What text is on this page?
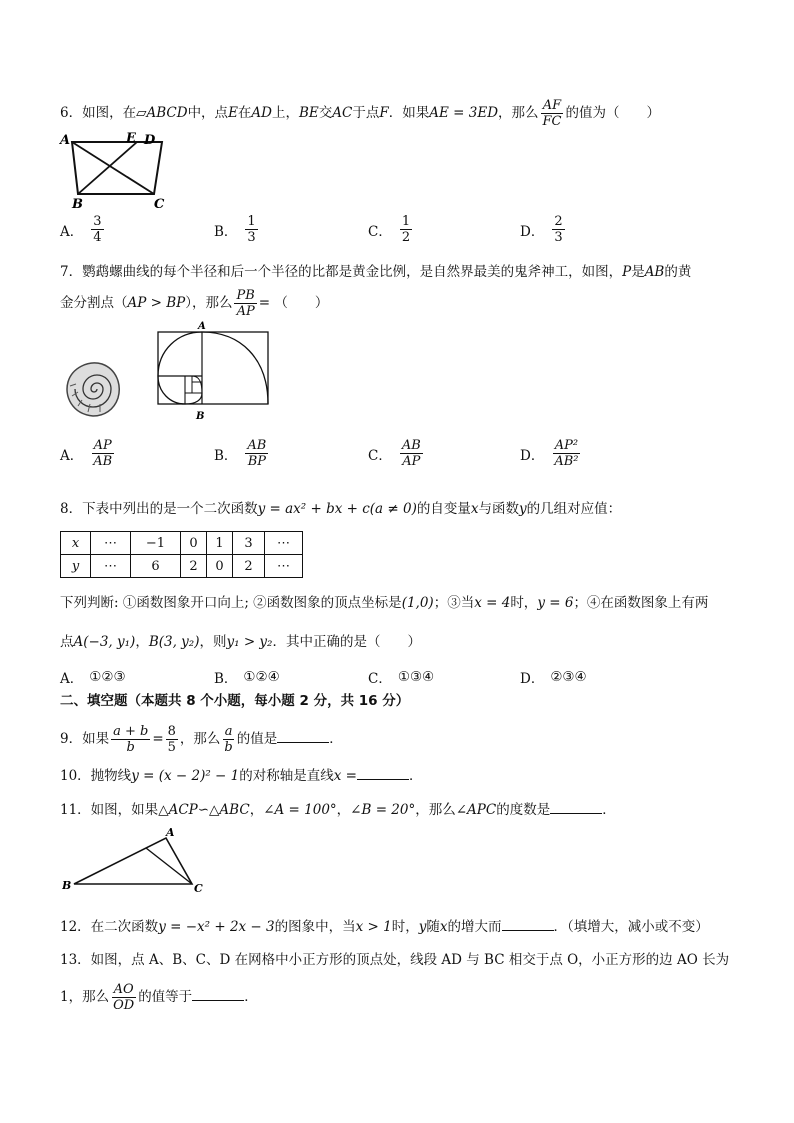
6．如图，在▱ABCD中，点E在AD上，BE交AC于点F．如果AE = 3ED，那么 $\frac{AF}{FC}$ 的值为（　　）
A	E D
B	C
A． $\frac{3}{4}$	B． $\frac{1}{3}$	C． $\frac{1}{2}$	D． $\frac{2}{3}$
7．鹦鹉螺曲线的每个半径和后一个半径的比都是黄金比例，是自然界最美的鬼斧神工，如图，P是AB的黄
金分割点（AP > BP），那么 $\frac{PB}{AP}$ = （　　）
A
B
A． $\frac{AP}{AB}$	B． $\frac{AB}{BP}$	C． $\frac{AB}{AP}$	D． $\frac{\text{AP²}}{\text{AB²}}$
8．下表中列出的是一个二次函数y = ax² + bx + c(a ≠ 0)的自变量x与函数y的几组对应值：
x	⋯	−1	0	1	3	⋯
y	⋯	6	2	0	2	⋯
下列判断: ①函数图象开口向上; ②函数图象的顶点坐标是(1,0)；③当x = 4时，y = 6；④在函数图象上有两
点A(−3, y₁)，B(3, y₂)，则y₁ > y₂．其中正确的是（　　）
A． ①②③	B． ①②④	C． ①③④	D． ②③④
二、填空题（本题共 8 个小题，每小题 2 分，共 16 分）
9．如果 $\frac{a + b}{b} = \frac{8}{5}$ ，那么 $\frac{a}{b}$ 的值是	．
10．抛物线y = (x − 2)² − 1的对称轴是直线x =	．
11．如图，如果△ACP∽△ABC，∠A = 100°，∠B = 20°，那么∠APC的度数是	．
B
A
C
12．在二次函数y = −x² + 2x − 3的图象中，当x > 1时，y随x的增大而	．（填增大，减小或不变）
13．如图，点 A、B、C、D 在网格中小正方形的顶点处，线段 AD 与 BC 相交于点 O，小正方形的边 AO 长为
1，那么 $\frac{AO}{OD}$ 的值等于	．
